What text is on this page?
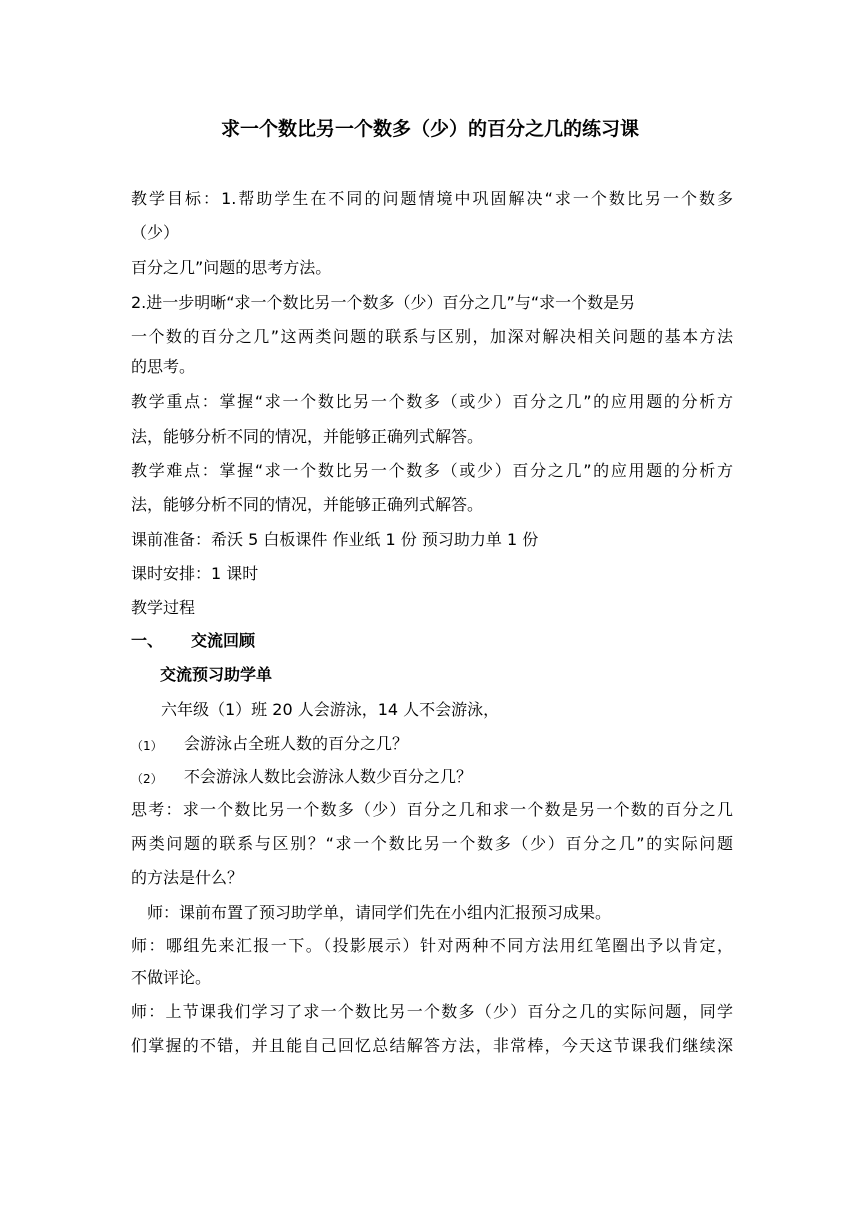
求一个数比另一个数多（少）的百分之几的练习课
教学目标：1.帮助学生在不同的问题情境中巩固解决“求一个数比另一个数多
（少）
百分之几”问题的思考方法。
2.进一步明晰“求一个数比另一个数多（少）百分之几”与“求一个数是另
一个数的百分之几”这两类问题的联系与区别，加深对解决相关问题的基本方法
的思考。
教学重点：掌握“求一个数比另一个数多（或少）百分之几”的应用题的分析方
法，能够分析不同的情况，并能够正确列式解答。
教学难点：掌握“求一个数比另一个数多（或少）百分之几”的应用题的分析方
法，能够分析不同的情况，并能够正确列式解答。
课前准备：希沃 5 白板课件 作业纸 1 份 预习助力单 1 份
课时安排：1 课时
教学过程
一、	交流回顾
交流预习助学单
六年级（1）班 20 人会游泳，14 人不会游泳，
（1）	会游泳占全班人数的百分之几？
（2）	不会游泳人数比会游泳人数少百分之几？
思考：求一个数比另一个数多（少）百分之几和求一个数是另一个数的百分之几
两类问题的联系与区别？“求一个数比另一个数多（少）百分之几”的实际问题
的方法是什么？
师：课前布置了预习助学单，请同学们先在小组内汇报预习成果。
师：哪组先来汇报一下。（投影展示）针对两种不同方法用红笔圈出予以肯定，
不做评论。
师：上节课我们学习了求一个数比另一个数多（少）百分之几的实际问题，同学
们掌握的不错，并且能自己回忆总结解答方法，非常棒，今天这节课我们继续深
